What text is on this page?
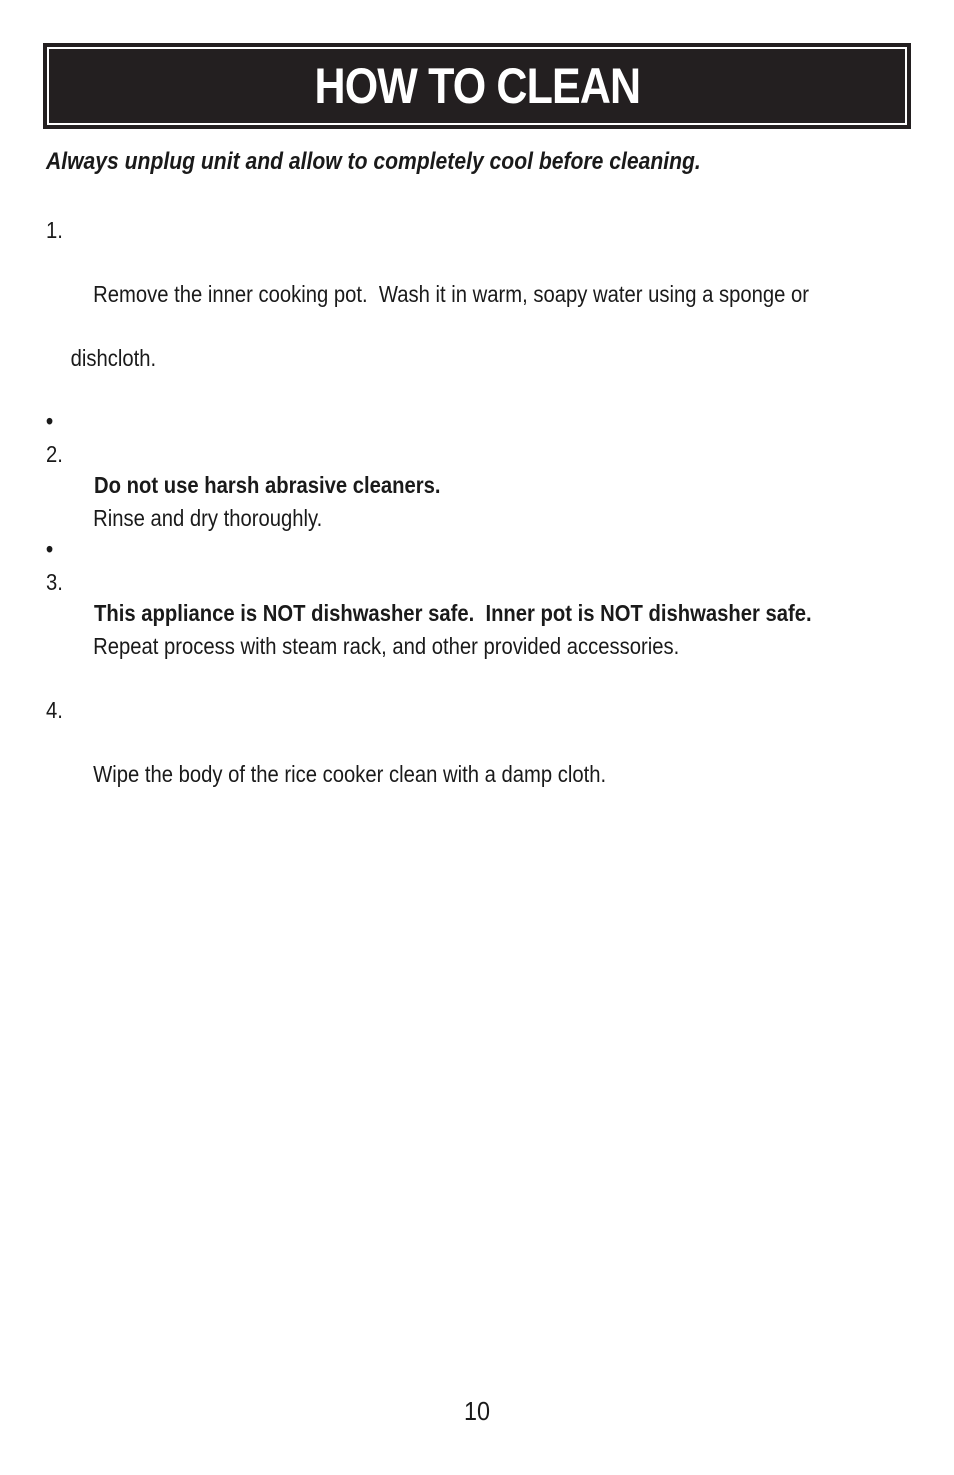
HOW TO CLEAN
Always unplug unit and allow to completely cool before cleaning.

1.

Remove the inner cooking pot.  Wash it in warm, soapy water using a sponge or

dishcloth.

2.

Rinse and dry thoroughly.

3.

Repeat process with steam rack, and other provided accessories.

4.

Wipe the body of the rice cooker clean with a damp cloth.

•

Do not use harsh abrasive cleaners.

•

This appliance is NOT dishwasher safe.  Inner pot is NOT dishwasher safe.

10
